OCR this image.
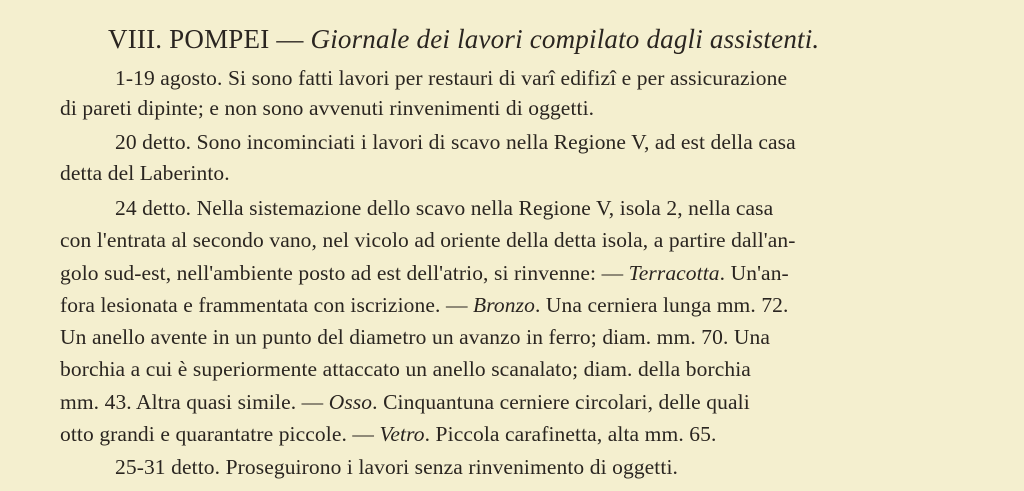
VIII. POMPEI — Giornale dei lavori compilato dagli assistenti.
1-19 agosto. Si sono fatti lavori per restauri di varî edifizî e per assicurazione
di pareti dipinte; e non sono avvenuti rinvenimenti di oggetti.
20 detto. Sono incominciati i lavori di scavo nella Regione V, ad est della casa
detta del Laberinto.
24 detto. Nella sistemazione dello scavo nella Regione V, isola 2, nella casa
con l'entrata al secondo vano, nel vicolo ad oriente della detta isola, a partire dall'an-
golo sud-est, nell'ambiente posto ad est dell'atrio, si rinvenne: — Terracotta. Un'an-
fora lesionata e frammentata con iscrizione. — Bronzo. Una cerniera lunga mm. 72.
Un anello avente in un punto del diametro un avanzo in ferro; diam. mm. 70. Una
borchia a cui è superiormente attaccato un anello scanalato; diam. della borchia
mm. 43. Altra quasi simile. — Osso. Cinquantuna cerniere circolari, delle quali
otto grandi e quarantatre piccole. — Vetro. Piccola carafinetta, alta mm. 65.
25-31 detto. Proseguirono i lavori senza rinvenimento di oggetti.
